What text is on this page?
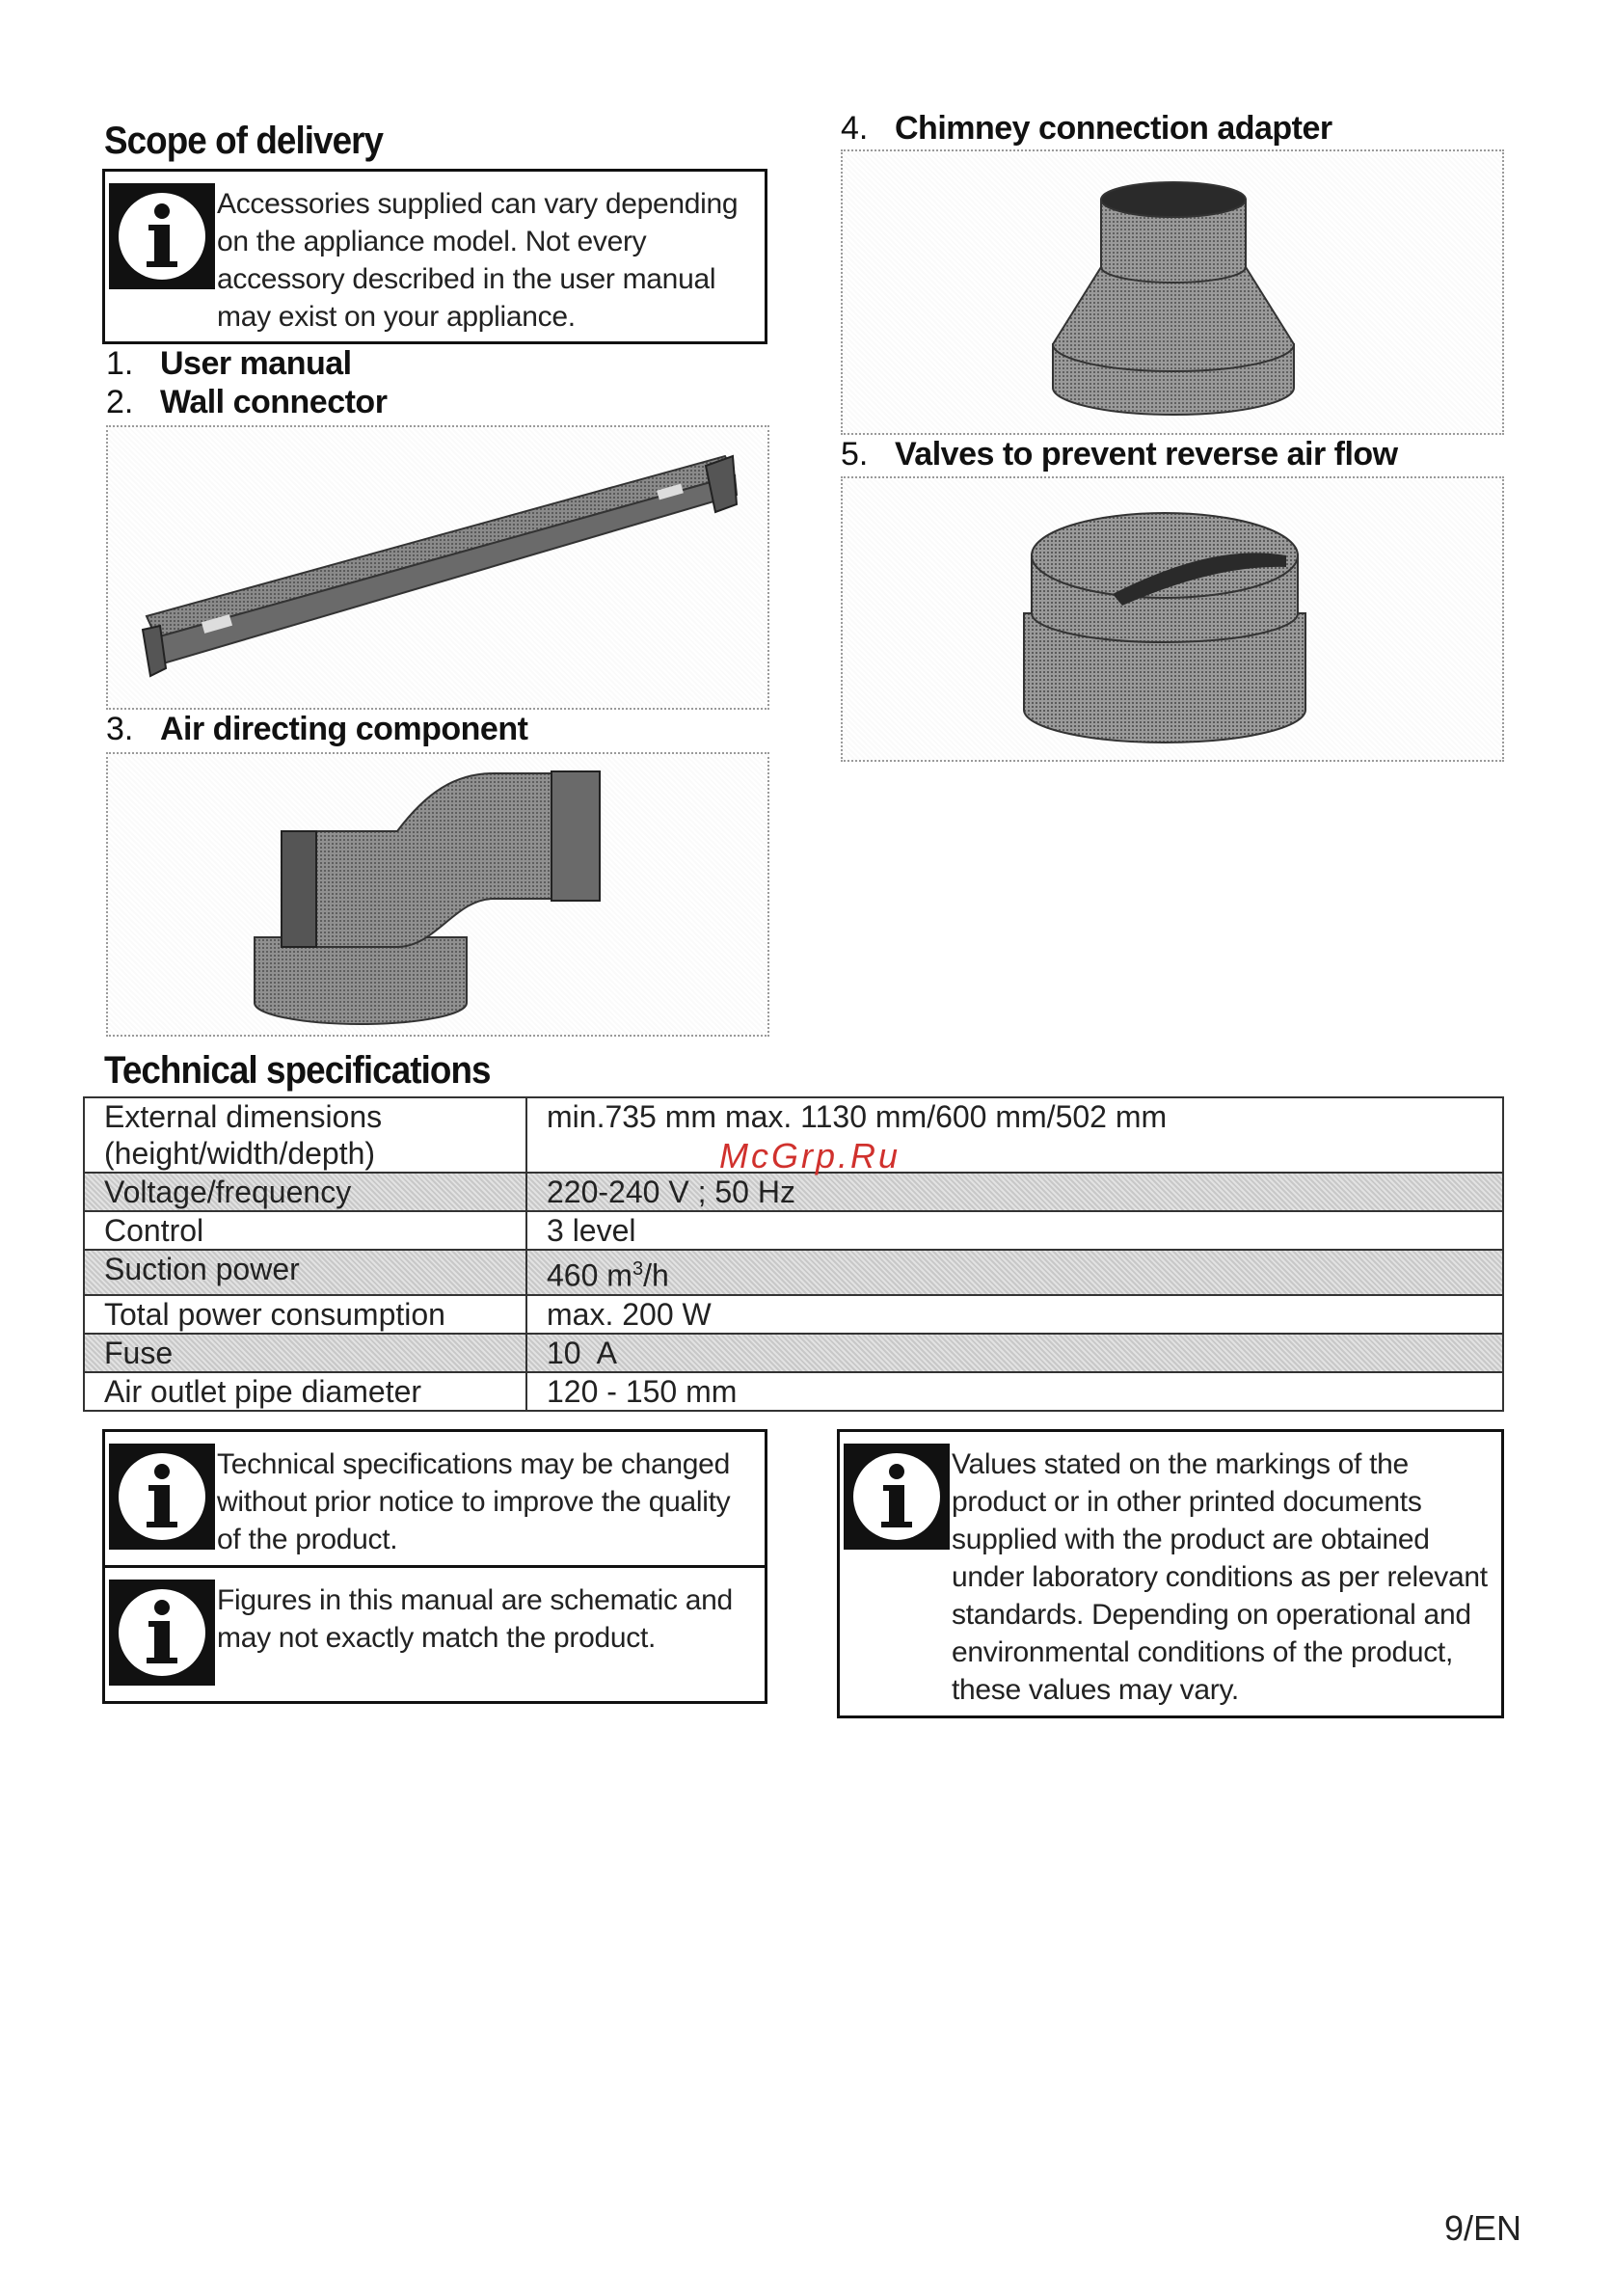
Scope of delivery
Accessories supplied can vary depending on the appliance model. Not every accessory described in the user manual may exist on your appliance.
1. User manual
2. Wall connector
3. Air directing component
4. Chimney connection adapter
5. Valves to prevent reverse air flow
Technical specifications
External dimensions (height/width/depth)	min.735 mm max. 1130 mm/600 mm/502 mm
Voltage/frequency	220-240 V ; 50 Hz
Control	3 level
Suction power	460 $m^3/h$
Total power consumption	max. 200 W
Fuse	10  A
Air outlet pipe diameter	120 - 150 mm
McGrp.Ru
Technical specifications may be changed without prior notice to improve the quality of the product.
Figures in this manual are schematic and may not exactly match the product.
Values stated on the markings of the product or in other printed documents supplied with the product are obtained under laboratory conditions as per relevant standards. Depending on operational and environmental conditions of the product, these values may vary.
9/EN
